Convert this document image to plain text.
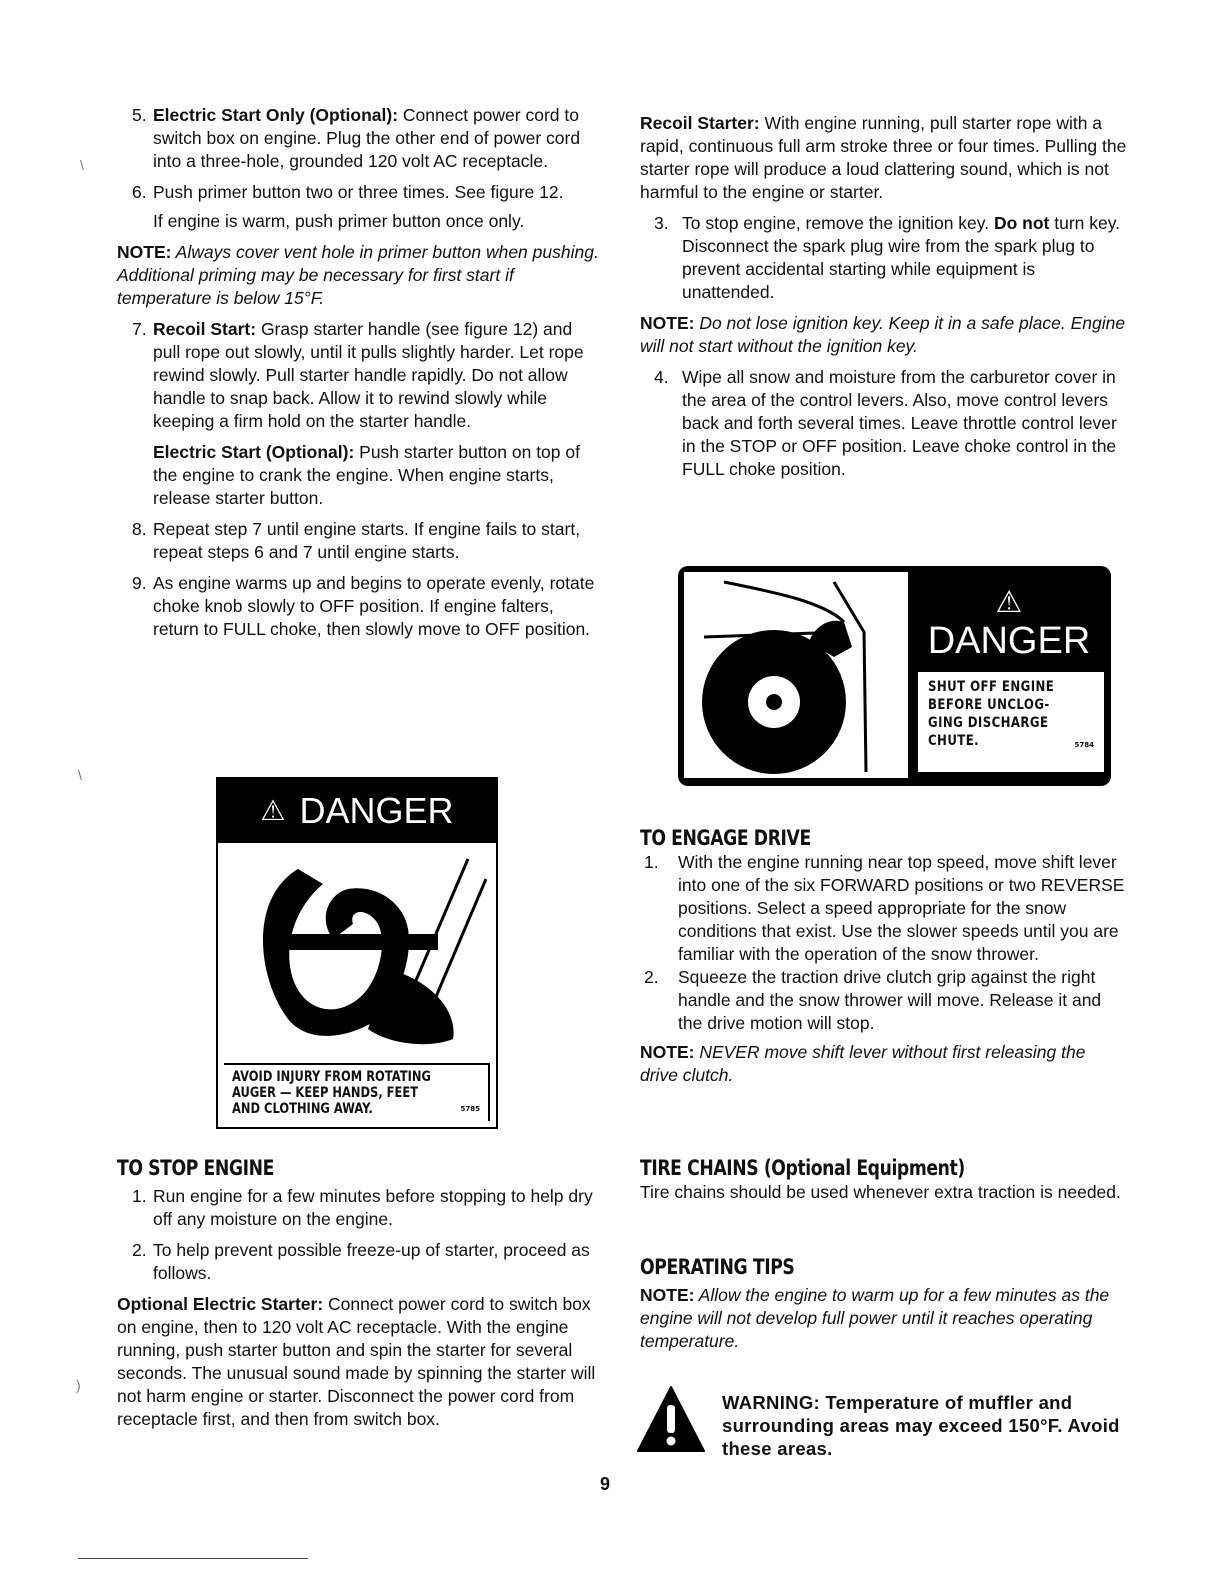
\
\
)
5. Electric Start Only (Optional): Connect power cord to switch box on engine. Plug the other end of power cord into a three-hole, grounded 120 volt AC receptacle.

6. Push primer button two or three times. See figure 12.

If engine is warm, push primer button once only.

NOTE: Always cover vent hole in primer button when pushing. Additional priming may be necessary for first start if temperature is below 15°F.

7. Recoil Start: Grasp starter handle (see figure 12) and pull rope out slowly, until it pulls slightly harder. Let rope rewind slowly. Pull starter handle rapidly. Do not allow handle to snap back. Allow it to rewind slowly while keeping a firm hold on the starter handle.

Electric Start (Optional): Push starter button on top of the engine to crank the engine. When engine starts, release starter button.

8. Repeat step 7 until engine starts. If engine fails to start, repeat steps 6 and 7 until engine starts.

9. As engine warms up and begins to operate evenly, rotate choke knob slowly to OFF position. If engine falters, return to FULL choke, then slowly move to OFF position.

TO STOP ENGINE
1. Run engine for a few minutes before stopping to help dry off any moisture on the engine.

2. To help prevent possible freeze-up of starter, proceed as follows.

Optional Electric Starter: Connect power cord to switch box on engine, then to 120 volt AC receptacle. With the engine running, push starter button and spin the starter for several seconds. The unusual sound made by spinning the starter will not harm engine or starter. Disconnect the power cord from receptacle first, and then from switch box.

⚠ DANGER
AVOID INJURY FROM ROTATING
AUGER — KEEP HANDS, FEET
AND CLOTHING AWAY.	5785

Recoil Starter: With engine running, pull starter rope with a rapid, continuous full arm stroke three or four times. Pulling the starter rope will produce a loud clattering sound, which is not harmful to the engine or starter.

3. To stop engine, remove the ignition key. Do not turn key. Disconnect the spark plug wire from the spark plug to prevent accidental starting while equipment is unattended.

NOTE: Do not lose ignition key. Keep it in a safe place. Engine will not start without the ignition key.

4. Wipe all snow and moisture from the carburetor cover in the area of the control levers. Also, move control levers back and forth several times. Leave throttle control lever in the STOP or OFF position. Leave choke control in the FULL choke position.

⚠
DANGER
SHUT OFF ENGINE
BEFORE UNCLOG-
GING DISCHARGE
CHUTE.	5784
TO ENGAGE DRIVE
1. With the engine running near top speed, move shift lever into one of the six FORWARD positions or two REVERSE positions. Select a speed appropriate for the snow conditions that exist. Use the slower speeds until you are familiar with the operation of the snow thrower.

2. Squeeze the traction drive clutch grip against the right handle and the snow thrower will move. Release it and the drive motion will stop.

NOTE: NEVER move shift lever without first releasing the drive clutch.

TIRE CHAINS (Optional Equipment)

Tire chains should be used whenever extra traction is needed.

OPERATING TIPS

NOTE: Allow the engine to warm up for a few minutes as the engine will not develop full power until it reaches operating temperature.

WARNING: Temperature of muffler and surrounding areas may exceed 150°F. Avoid these areas.
9
